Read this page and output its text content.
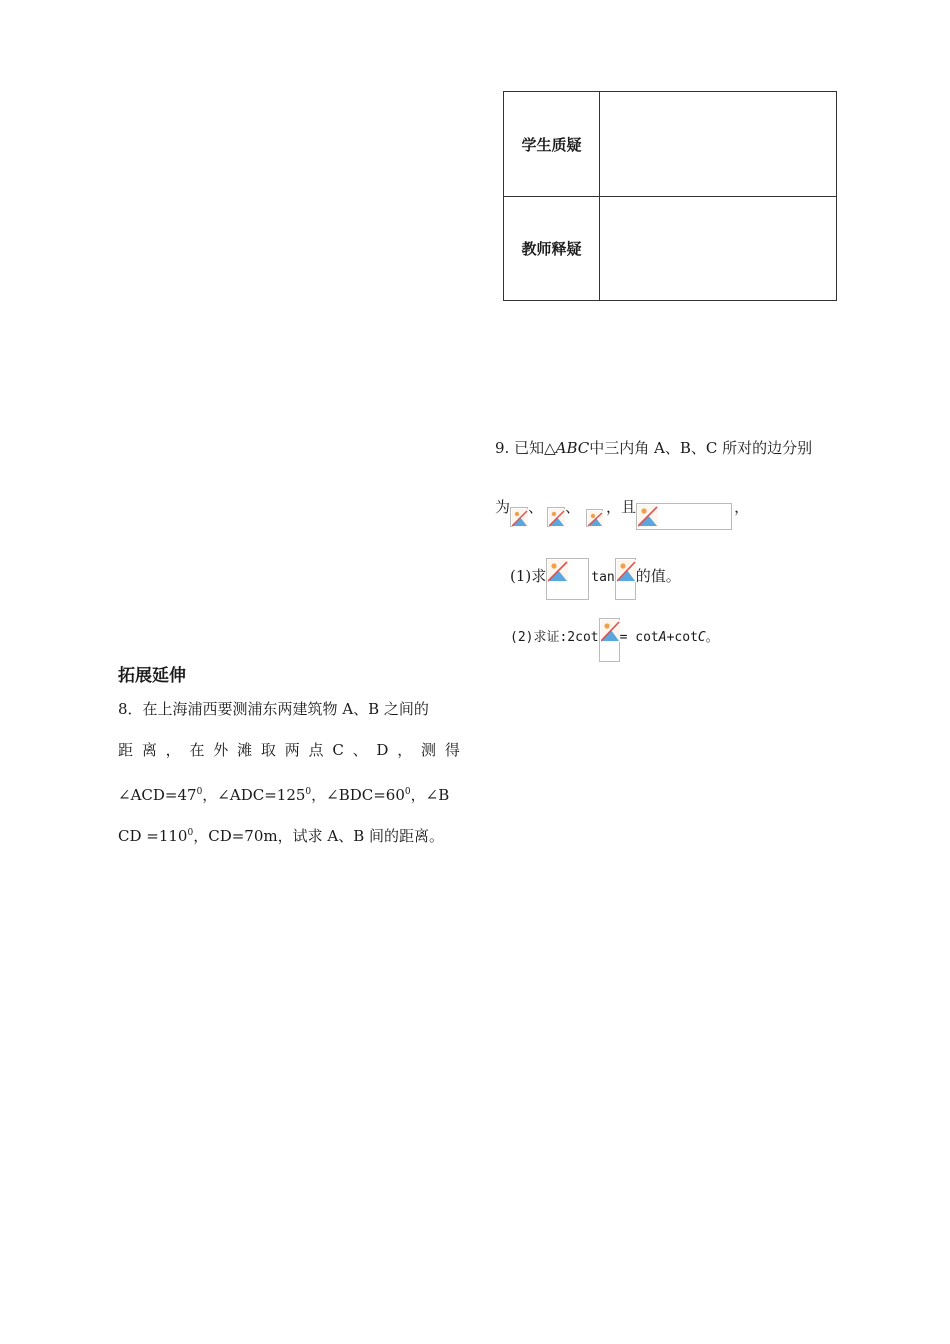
学生质疑
教师释疑
9. 已知△ABC中三内角 A、B、C 所对的边分别
为 、 、 ，且	，
(1)求	tan 的值。
(2)求证:2cot = cotA+cotC。
拓展延伸
8．在上海浦西要测浦东两建筑物 A、B 之间的
距 离 ， 在 外 滩 取 两 点 C 、 D ， 测 得
$\angle ACD=47^0$，$\angle ADC=125^0$，$\angle BDC=60^0$，∠B
CD $=110^0$，CD=70m，试求 A、B 间的距离。
